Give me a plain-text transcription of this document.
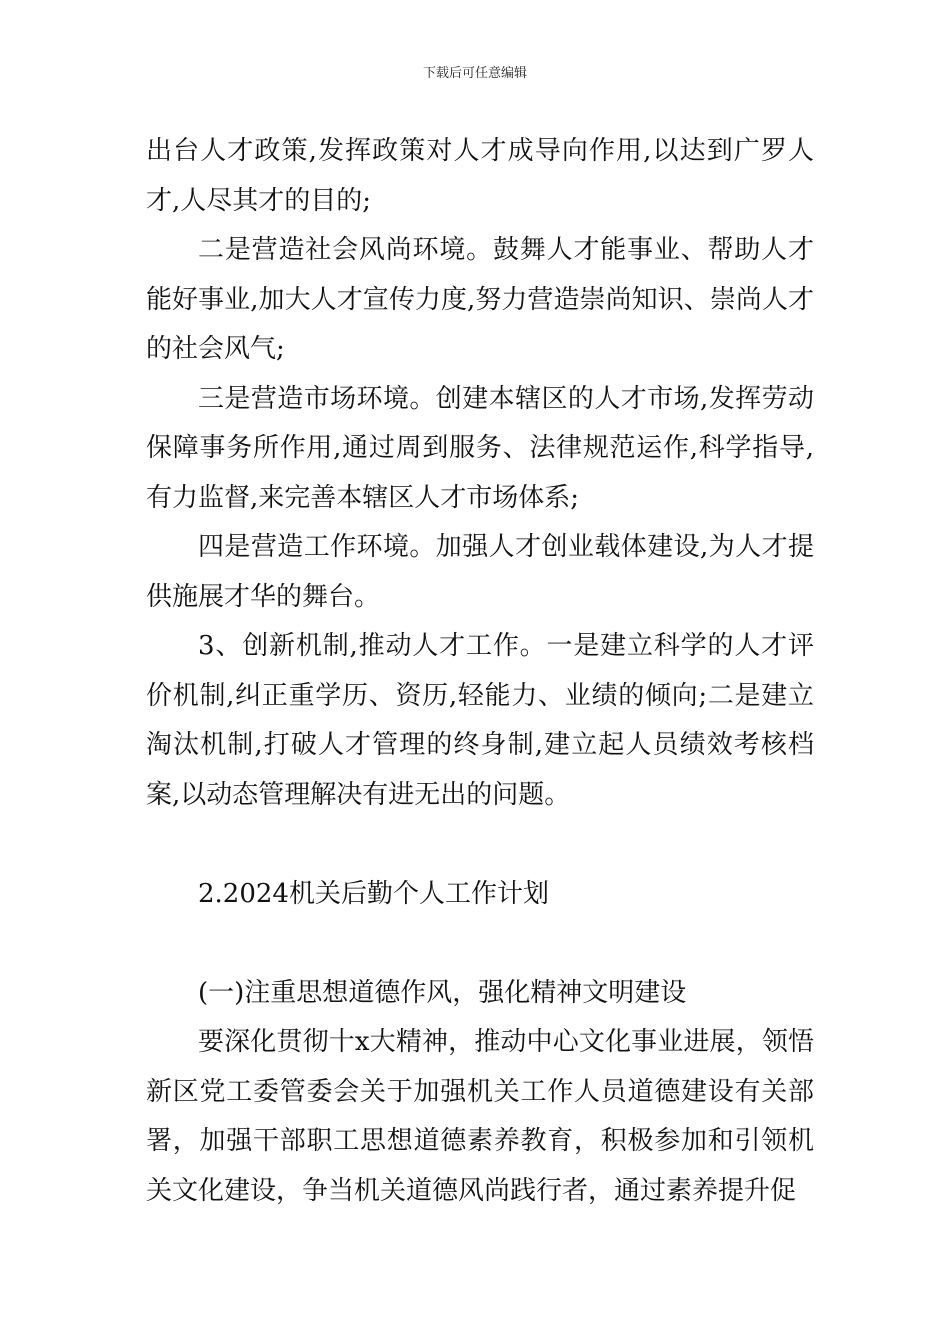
下载后可任意编辑

出台人才政策,发挥政策对人才成导向作用,以达到广罗人才,人尽其才的目的;

二是营造社会风尚环境。鼓舞人才能事业、帮助人才能好事业,加大人才宣传力度,努力营造崇尚知识、崇尚人才的社会风气;

三是营造市场环境。创建本辖区的人才市场,发挥劳动保障事务所作用,通过周到服务、法律规范运作,科学指导,有力监督,来完善本辖区人才市场体系;

四是营造工作环境。加强人才创业载体建设,为人才提供施展才华的舞台。

3、创新机制,推动人才工作。一是建立科学的人才评价机制,纠正重学历、资历,轻能力、业绩的倾向;二是建立淘汰机制,打破人才管理的终身制,建立起人员绩效考核档案,以动态管理解决有进无出的问题。

2.2024机关后勤个人工作计划

(一)注重思想道德作风，强化精神文明建设

要深化贯彻十x大精神，推动中心文化事业进展，领悟新区党工委管委会关于加强机关工作人员道德建设有关部署，加强干部职工思想道德素养教育，积极参加和引领机关文化建设，争当机关道德风尚践行者，通过素养提升促
